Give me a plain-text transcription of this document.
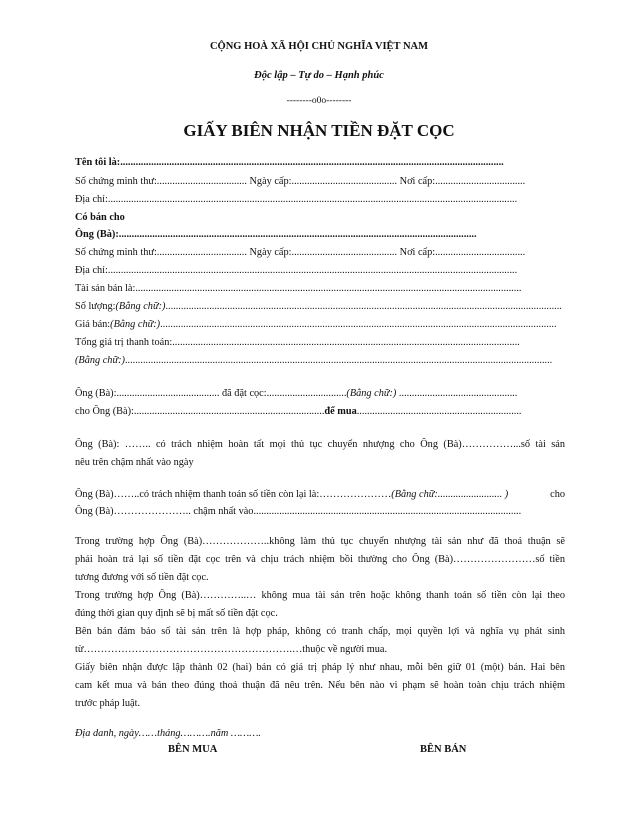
CỘNG HOÀ XÃ HỘI CHỦ NGHĨA VIỆT NAM
Độc lập – Tự do – Hạnh phúc
--------o0o--------
GIẤY BIÊN NHẬN TIỀN ĐẶT CỌC
Tên tôi là:.....................................................................................................................................................
Số chứng minh thư:................................... Ngày cấp:......................................... Nơi cấp:...................................
Địa chỉ:...............................................................................................................................................................
Có bán cho
Ông (Bà):...........................................................................................................................................
Số chứng minh thư:................................... Ngày cấp:......................................... Nơi cấp:...................................
Địa chỉ:...............................................................................................................................................................
Tài sản bán là:......................................................................................................................................................
Số lượng:(Bằng chữ:)..........................................................................................................................................................
Giá bán:(Bằng chữ:)..........................................................................................................................................................
Tổng giá trị thanh toán:.......................................................................................................................................
(Bằng chữ:)......................................................................................................................................................................
Ông (Bà):........................................ đã đặt cọc:...............................(Bằng chữ:) ..............................................
cho Ông (Bà):..........................................................................để mua................................................................
Ông (Bà): …….. có trách nhiệm hoàn tất mọi thủ tục chuyển nhượng cho Ông (Bà)……………...số tài sản
nêu trên chậm nhất vào ngày
Ông (Bà)……..có trách nhiệm thanh toán số tiền còn lại là:…………………(Bằng chữ:......................... )	cho
Ông (Bà)………………….. chậm nhất vào........................................................................................................
Trong trường hợp Ông (Bà)………………..không làm thủ tục chuyển nhượng tài sản như đã thoả thuận sẽ
phải hoàn trả lại số tiền đặt cọc trên và chịu trách nhiệm bồi thường cho Ông (Bà)……………………số tiền
tương đương với số tiền đặt cọc.
Trong trường hợp Ông (Bà)…………..… không mua tài sản trên hoặc không thanh toán số tiền còn lại theo
đúng thời gian quy định sẽ bị mất số tiền đặt cọc.
Bên bán đảm bảo số tài sản trên là hợp pháp, không có tranh chấp, mọi quyền lợi và nghĩa vụ phát sinh
từ…………………………………………………….…thuộc về người mua.
Giấy biên nhận được lập thành 02 (hai) bản có giá trị pháp lý như nhau, mỗi bên giữ 01 (một) bản. Hai bên
cam kết mua và bán theo đúng thoả thuận đã nêu trên. Nếu bên nào vi phạm sẽ hoàn toàn chịu trách nhiệm
trước pháp luật.
Địa danh, ngày……tháng……….năm ……….
BÊN MUA	BÊN BÁN
